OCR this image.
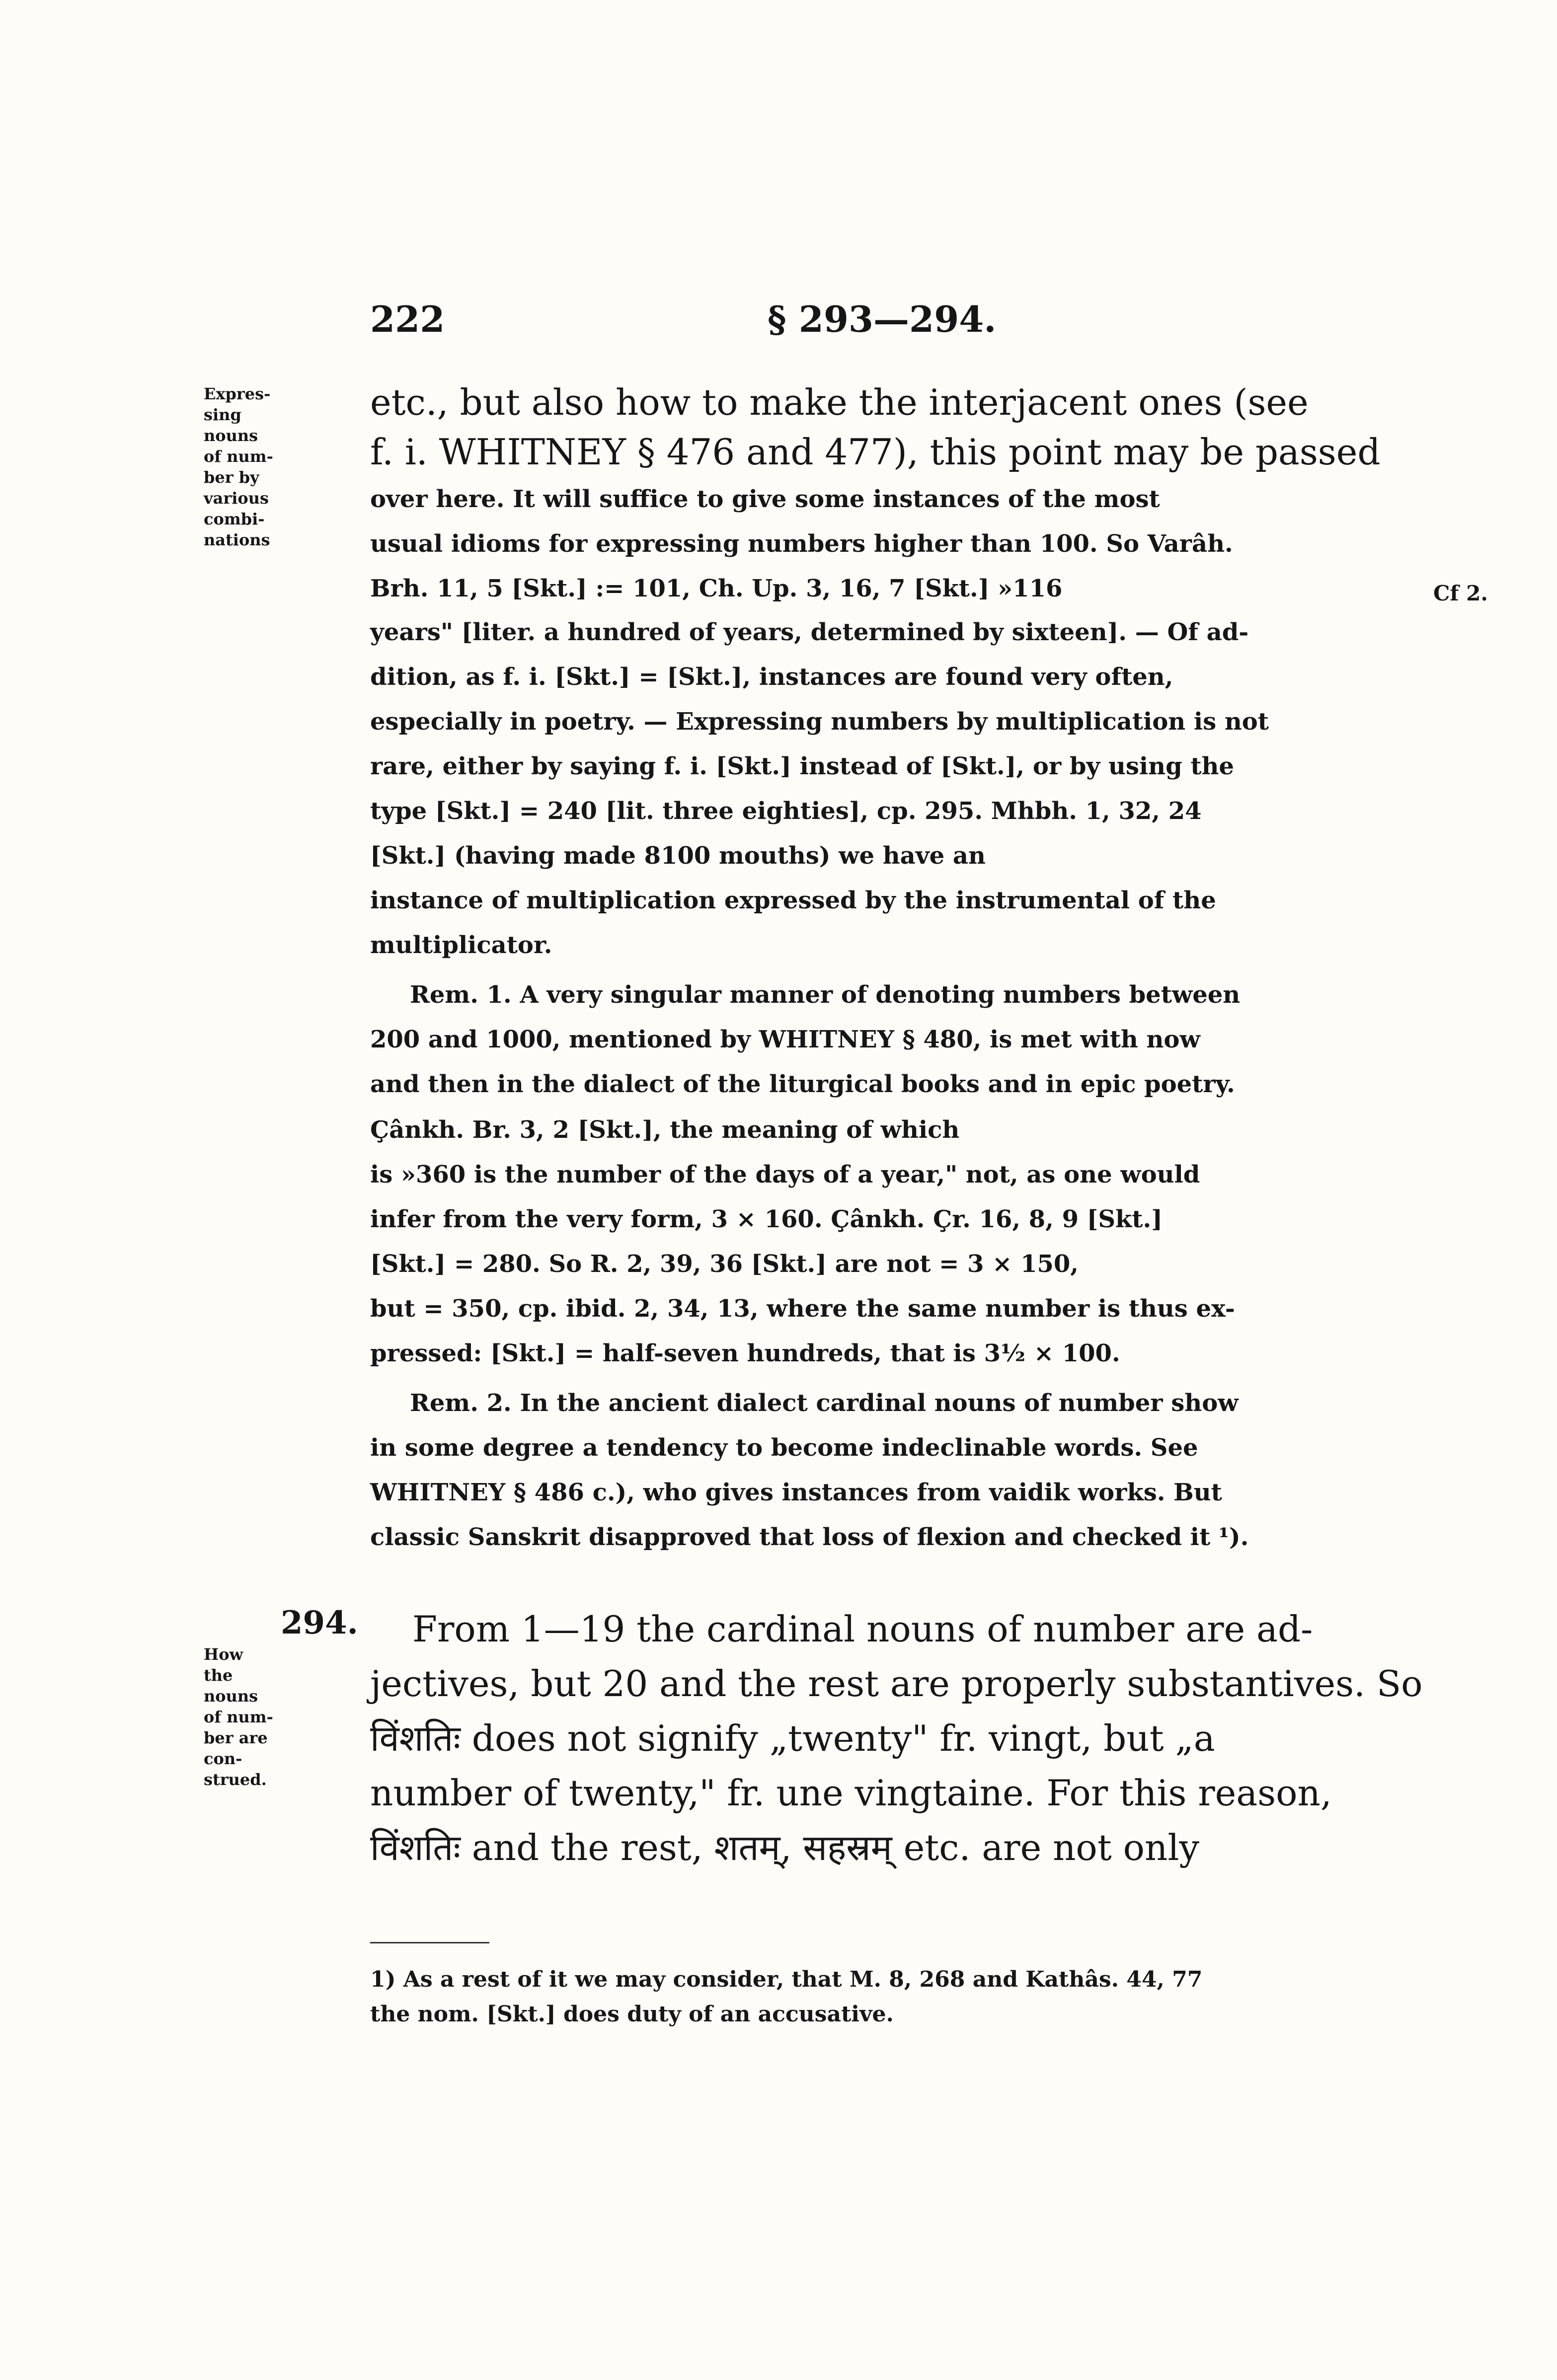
222	§ 293—294.
Expres-
sing
nouns
of num-
ber by
various
combi-
nations
Cf 2.
etc., but also how to make the interjacent ones (see
f. i. WHITNEY § 476 and 477), this point may be passed
over here. It will suffice to give some instances of the most
usual idioms for expressing numbers higher than 100. So Varâh.
Brh. 11, 5 [Skt.] := 101, Ch. Up. 3, 16, 7 [Skt.] »116
years" [liter. a hundred of years, determined by sixteen]. — Of ad-
dition, as f. i. [Skt.] = [Skt.], instances are found very often,
especially in poetry. — Expressing numbers by multiplication is not
rare, either by saying f. i. [Skt.] instead of [Skt.], or by using the
type [Skt.] = 240 [lit. three eighties], cp. 295. Mhbh. 1, 32, 24
[Skt.] (having made 8100 mouths) we have an
instance of multiplication expressed by the instrumental of the
multiplicator.
Rem. 1. A very singular manner of denoting numbers between
200 and 1000, mentioned by WHITNEY § 480, is met with now
and then in the dialect of the liturgical books and in epic poetry.
Çânkh. Br. 3, 2 [Skt.], the meaning of which
is »360 is the number of the days of a year," not, as one would
infer from the very form, 3 × 160. Çânkh. Çr. 16, 8, 9 [Skt.]
[Skt.] = 280. So R. 2, 39, 36 [Skt.] are not = 3 × 150,
but = 350, cp. ibid. 2, 34, 13, where the same number is thus ex-
pressed: [Skt.] = half-seven hundreds, that is 3½ × 100.
Rem. 2. In the ancient dialect cardinal nouns of number show
in some degree a tendency to become indeclinable words. See
WHITNEY § 486 c.), who gives instances from vaidik works. But
classic Sanskrit disapproved that loss of flexion and checked it ¹).
294.
How
the
nouns
of num-
ber are
con-
strued.
From 1—19 the cardinal nouns of number are ad-
jectives, but 20 and the rest are properly substantives. So
विंशतिः does not signify „twenty" fr. vingt, but „a
number of twenty," fr. une vingtaine. For this reason,
विंशतिः and the rest, शतम्, सहस्रम् etc. are not only
1) As a rest of it we may consider, that M. 8, 268 and Kathâs. 44, 77
the nom. [Skt.] does duty of an accusative.
